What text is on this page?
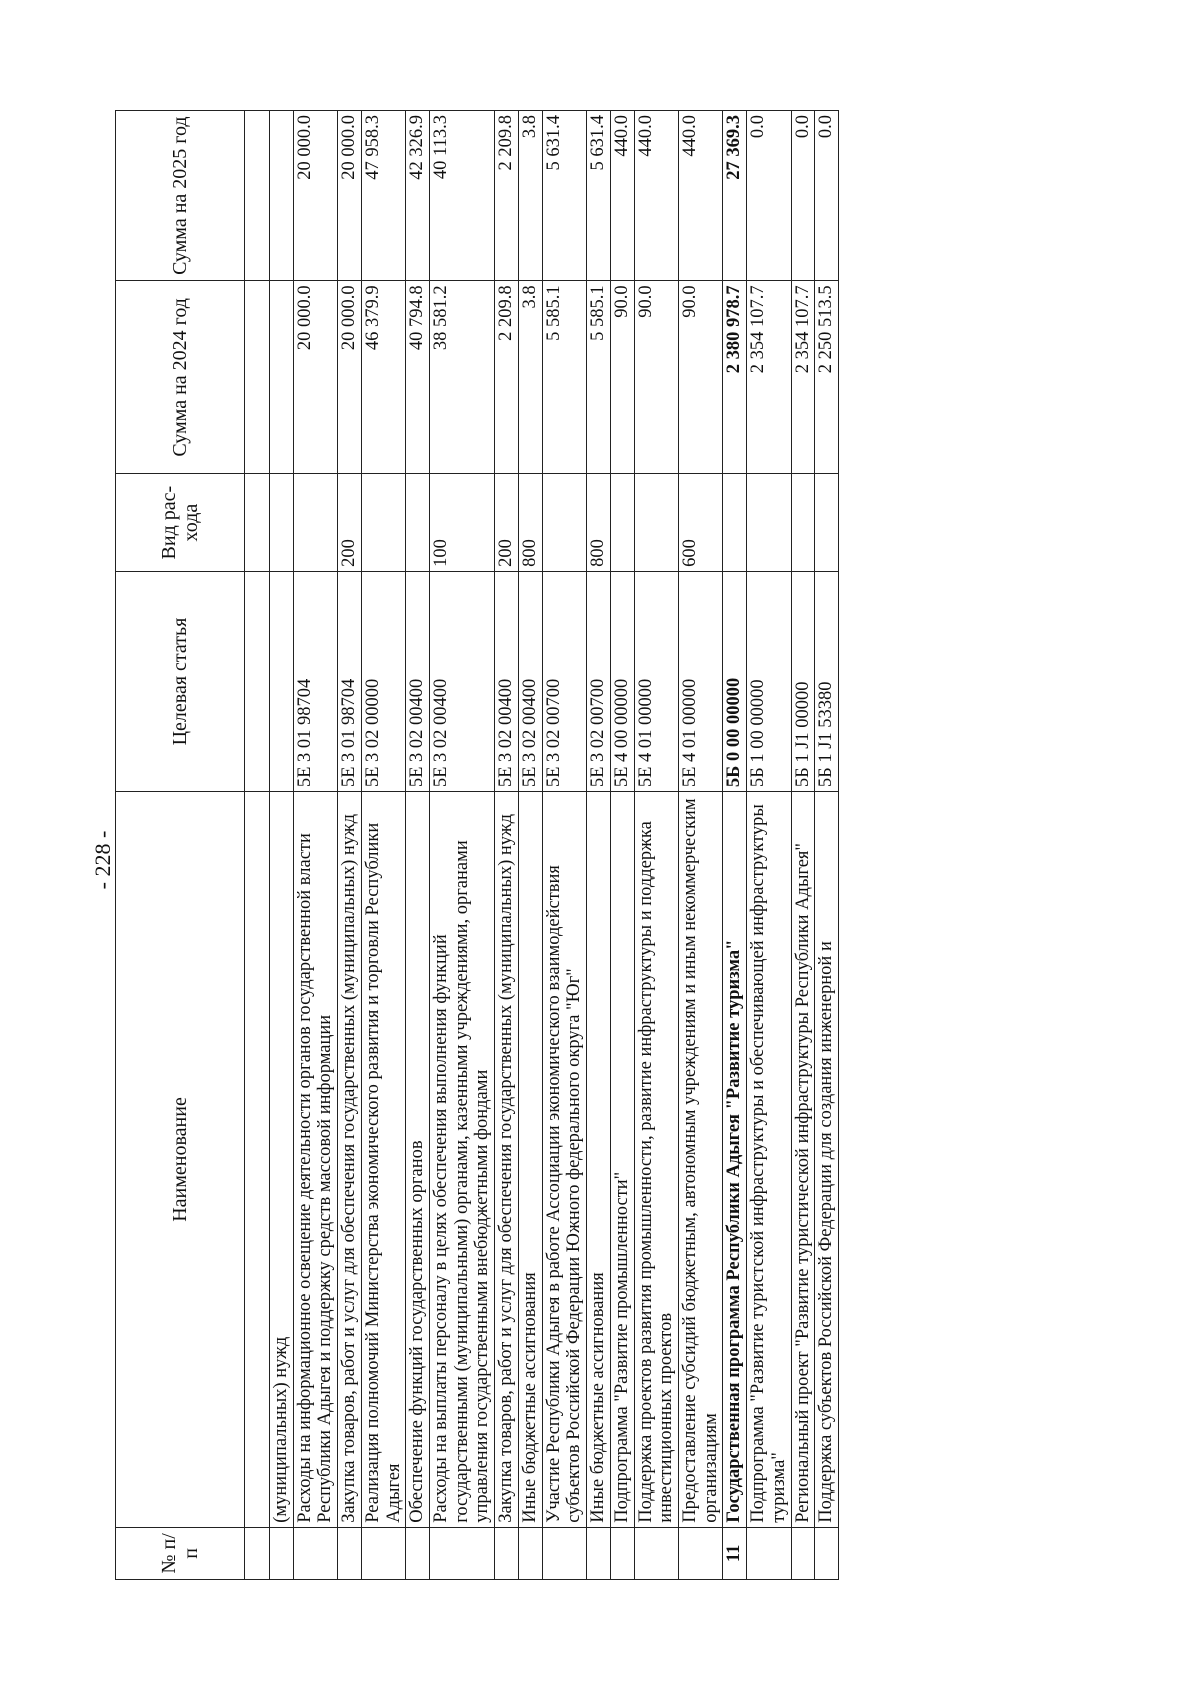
- 228 -
№ п/п	Наименование	Целевая статья	Вид рас- хода	Сумма на 2024 год	Сумма на 2025 год

	(муниципальных) нужд				
	Расходы на информационное освещение деятельности органов государственной власти Республики Адыгея и поддержку средств массовой информации	5Е 3 01 98704		20 000.0	20 000.0
	Закупка товаров, работ и услуг для обеспечения государственных (муниципальных) нужд	5Е 3 01 98704	200	20 000.0	20 000.0
	Реализация полномочий Министерства экономического развития и торговли Республики Адыгея	5Е 3 02 00000		46 379.9	47 958.3
	Обеспечение функций государственных органов	5Е 3 02 00400		40 794.8	42 326.9
	Расходы на выплаты персоналу в целях обеспечения выполнения функций государственными (муниципальными) органами, казенными учреждениями, органами управления государственными внебюджетными фондами	5Е 3 02 00400	100	38 581.2	40 113.3
	Закупка товаров, работ и услуг для обеспечения государственных (муниципальных) нужд	5Е 3 02 00400	200	2 209.8	2 209.8
	Иные бюджетные ассигнования	5Е 3 02 00400	800	3.8	3.8
	Участие Республики Адыгея в работе Ассоциации экономического взаимодействия субъектов Российской Федерации Южного федерального округа "Юг"	5Е 3 02 00700		5 585.1	5 631.4
	Иные бюджетные ассигнования	5Е 3 02 00700	800	5 585.1	5 631.4
	Подпрограмма "Развитие промышленности"	5Е 4 00 00000		90.0	440.0
	Поддержка проектов развития промышленности, развитие инфраструктуры и поддержка инвестиционных проектов	5Е 4 01 00000		90.0	440.0
	Предоставление субсидий бюджетным, автономным учреждениям и иным некоммерческим организациям	5Е 4 01 00000	600	90.0	440.0
11	Государственная программа Республики Адыгея "Развитие туризма"	5Б 0 00 00000		2 380 978.7	27 369.3
	Подпрограмма "Развитие туристской инфраструктуры и обеспечивающей инфраструктуры туризма"	5Б 1 00 00000		2 354 107.7	0.0
	Региональный проект "Развитие туристической инфраструктуры Республики Адыгея"	5Б 1 J1 00000		2 354 107.7	0.0
	Поддержка субъектов Российской Федерации для создания инженерной и	5Б 1 J1 53380		2 250 513.5	0.0
